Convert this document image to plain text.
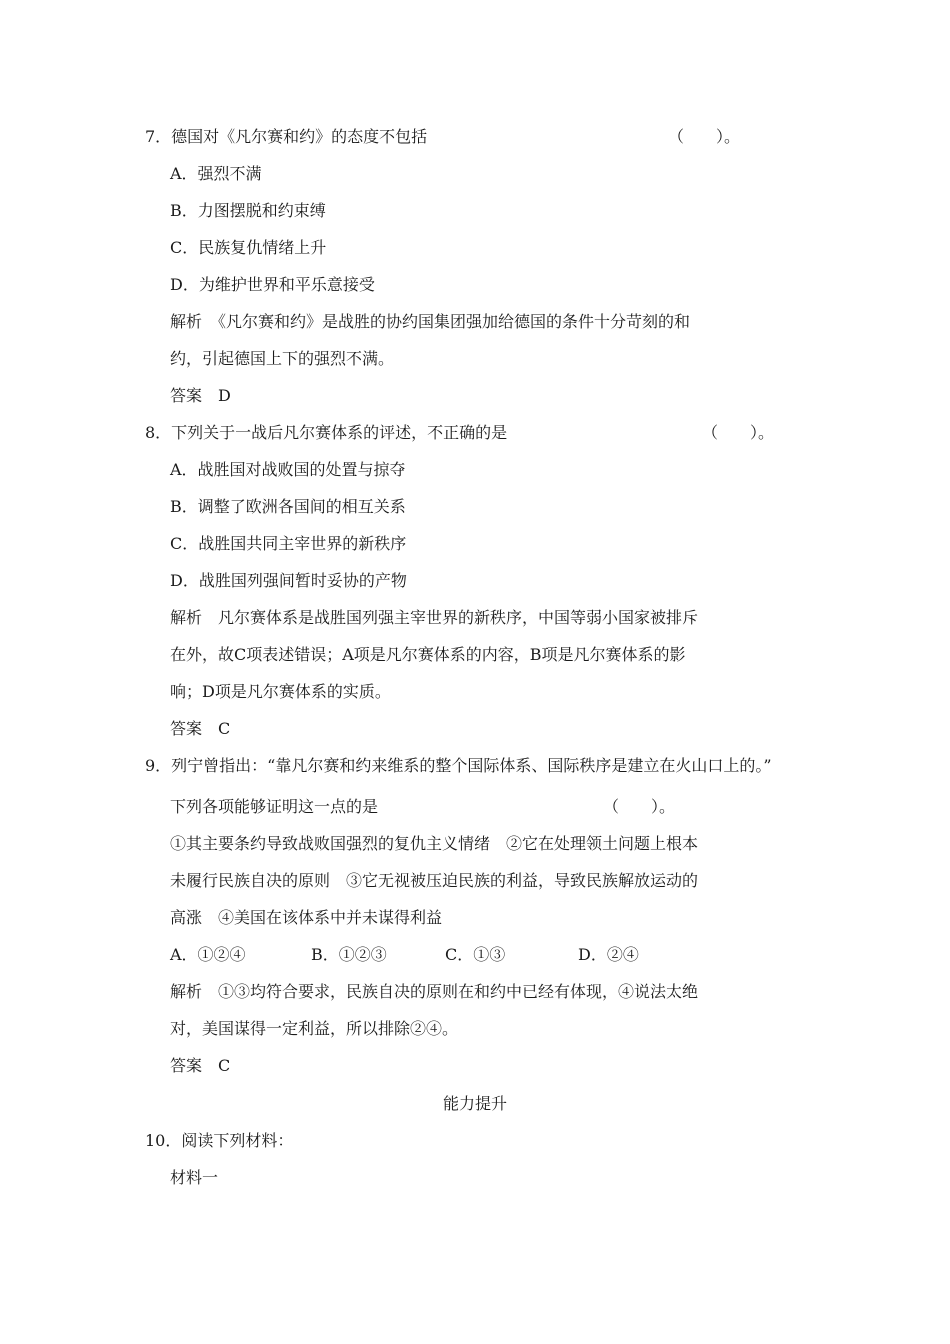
7．德国对《凡尔赛和约》的态度不包括	（　　）。
A．强烈不满
B．力图摆脱和约束缚
C．民族复仇情绪上升
D．为维护世界和平乐意接受
解析　《凡尔赛和约》是战胜的协约国集团强加给德国的条件十分苛刻的和
约，引起德国上下的强烈不满。
答案　D
8．下列关于一战后凡尔赛体系的评述，不正确的是	（　　）。
A．战胜国对战败国的处置与掠夺
B．调整了欧洲各国间的相互关系
C．战胜国共同主宰世界的新秩序
D．战胜国列强间暂时妥协的产物
解析　凡尔赛体系是战胜国列强主宰世界的新秩序，中国等弱小国家被排斥
在外，故C项表述错误；A项是凡尔赛体系的内容，B项是凡尔赛体系的影
响；D项是凡尔赛体系的实质。
答案　C
9．列宁曾指出：“靠凡尔赛和约来维系的整个国际体系、国际秩序是建立在火山口上的。”
下列各项能够证明这一点的是	（　　）。
①其主要条约导致战败国强烈的复仇主义情绪　②它在处理领土问题上根本
未履行民族自决的原则　③它无视被压迫民族的利益，导致民族解放运动的
高涨　④美国在该体系中并未谋得利益
A．①②④	B．①②③	C．①③	D．②④
解析　①③均符合要求，民族自决的原则在和约中已经有体现，④说法太绝
对，美国谋得一定利益，所以排除②④。
答案　C
能力提升
10．阅读下列材料：
材料一
